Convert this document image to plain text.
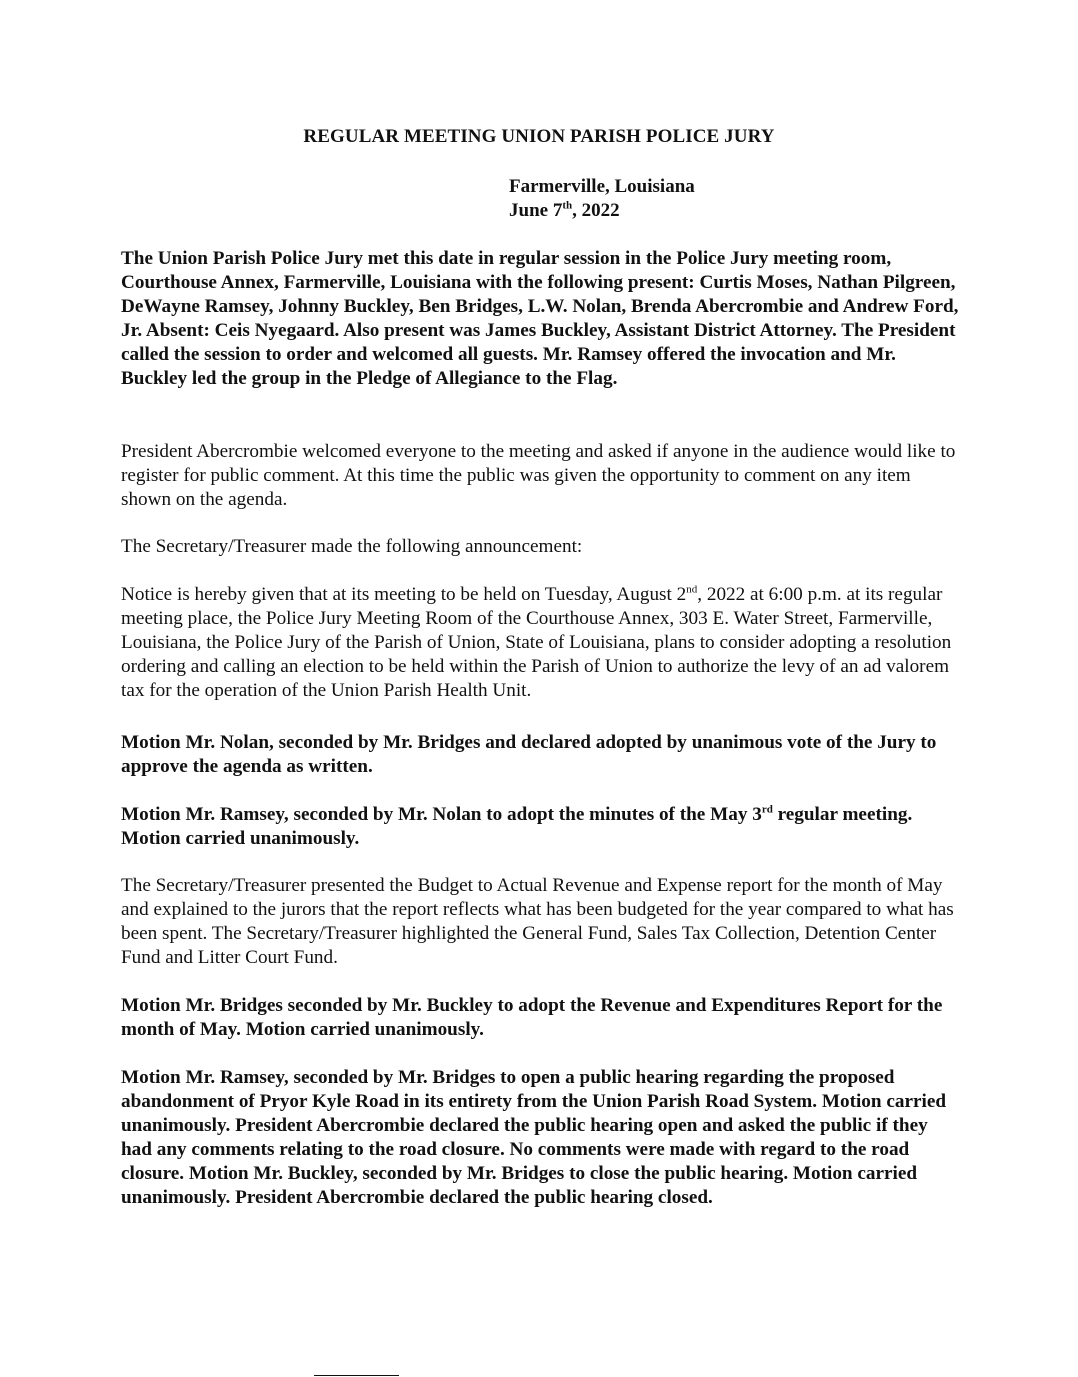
REGULAR MEETING UNION PARISH POLICE JURY
Farmerville, Louisiana
June 7th, 2022

The Union Parish Police Jury met this date in regular session in the Police Jury meeting room, Courthouse Annex, Farmerville, Louisiana with the following present: Curtis Moses, Nathan Pilgreen, DeWayne Ramsey, Johnny Buckley, Ben Bridges, L.W. Nolan, Brenda Abercrombie and Andrew Ford, Jr. Absent: Ceis Nyegaard. Also present was James Buckley, Assistant District Attorney. The President called the session to order and welcomed all guests. Mr. Ramsey offered the invocation and Mr. Buckley led the group in the Pledge of Allegiance to the Flag.

President Abercrombie welcomed everyone to the meeting and asked if anyone in the audience would like to register for public comment. At this time the public was given the opportunity to comment on any item shown on the agenda.

The Secretary/Treasurer made the following announcement:

Notice is hereby given that at its meeting to be held on Tuesday, August 2nd, 2022 at 6:00 p.m. at its regular meeting place, the Police Jury Meeting Room of the Courthouse Annex, 303 E. Water Street, Farmerville, Louisiana, the Police Jury of the Parish of Union, State of Louisiana, plans to consider adopting a resolution ordering and calling an election to be held within the Parish of Union to authorize the levy of an ad valorem tax for the operation of the Union Parish Health Unit.

Motion Mr. Nolan, seconded by Mr. Bridges and declared adopted by unanimous vote of the Jury to approve the agenda as written.

Motion Mr. Ramsey, seconded by Mr. Nolan to adopt the minutes of the May 3rd regular meeting. Motion carried unanimously.

The Secretary/Treasurer presented the Budget to Actual Revenue and Expense report for the month of May and explained to the jurors that the report reflects what has been budgeted for the year compared to what has been spent. The Secretary/Treasurer highlighted the General Fund, Sales Tax Collection, Detention Center Fund and Litter Court Fund.

Motion Mr. Bridges seconded by Mr. Buckley to adopt the Revenue and Expenditures Report for the month of May. Motion carried unanimously.

Motion Mr. Ramsey, seconded by Mr. Bridges to open a public hearing regarding the proposed abandonment of Pryor Kyle Road in its entirety from the Union Parish Road System. Motion carried unanimously. President Abercrombie declared the public hearing open and asked the public if they had any comments relating to the road closure. No comments were made with regard to the road closure. Motion Mr. Buckley, seconded by Mr. Bridges to close the public hearing. Motion carried unanimously. President Abercrombie declared the public hearing closed.
